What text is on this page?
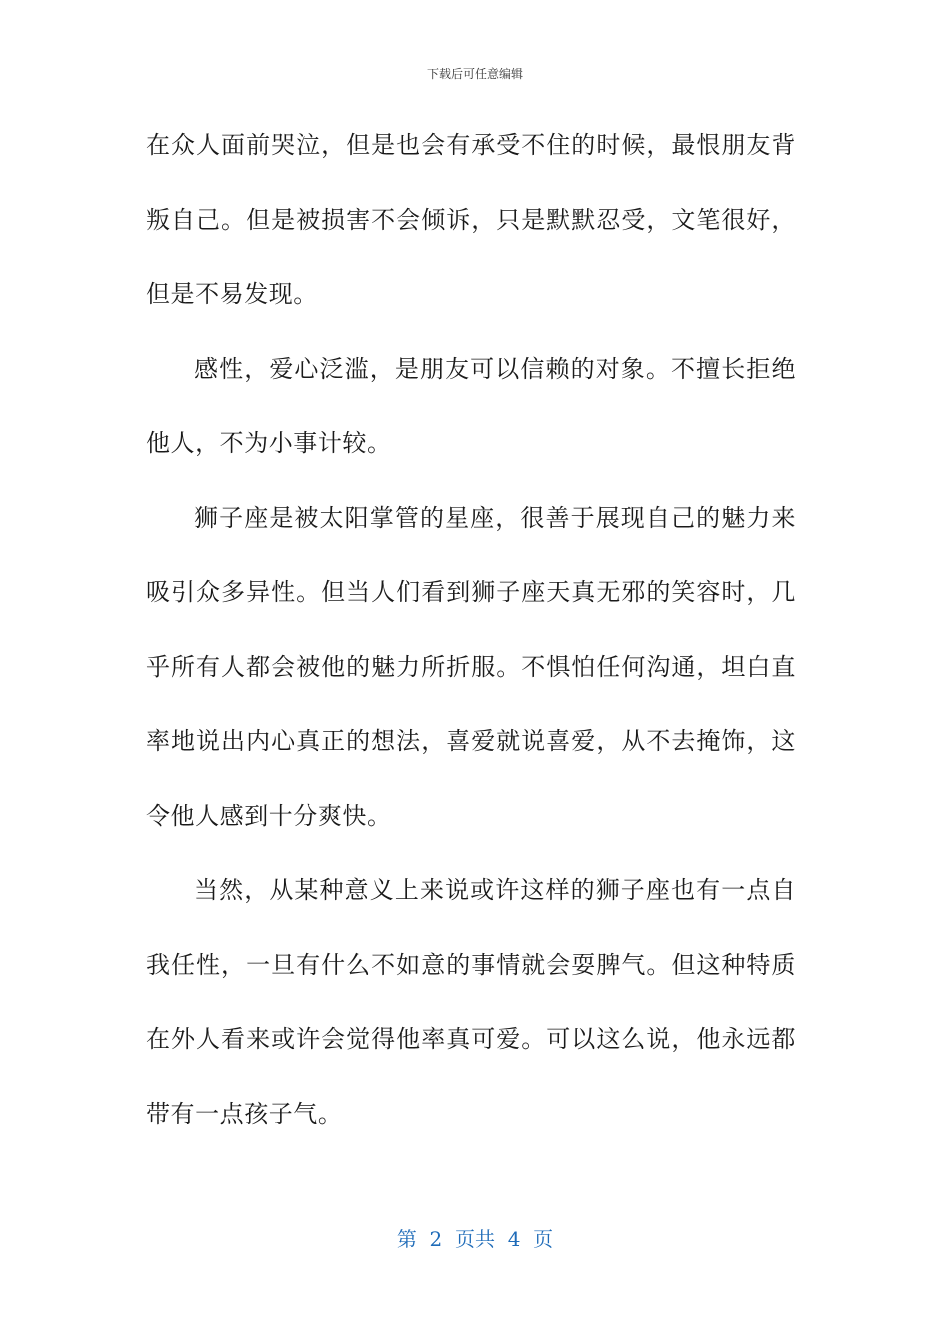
下载后可任意编辑

在众人面前哭泣，但是也会有承受不住的时候，最恨朋友背叛自己。但是被损害不会倾诉，只是默默忍受，文笔很好，但是不易发现。

感性，爱心泛滥，是朋友可以信赖的对象。不擅长拒绝他人，不为小事计较。

狮子座是被太阳掌管的星座，很善于展现自己的魅力来吸引众多异性。但当人们看到狮子座天真无邪的笑容时，几乎所有人都会被他的魅力所折服。不惧怕任何沟通，坦白直率地说出内心真正的想法，喜爱就说喜爱，从不去掩饰，这令他人感到十分爽快。

当然，从某种意义上来说或许这样的狮子座也有一点自我任性，一旦有什么不如意的事情就会耍脾气。但这种特质在外人看来或许会觉得他率真可爱。可以这么说，他永远都带有一点孩子气。

第  2  页共  4  页
